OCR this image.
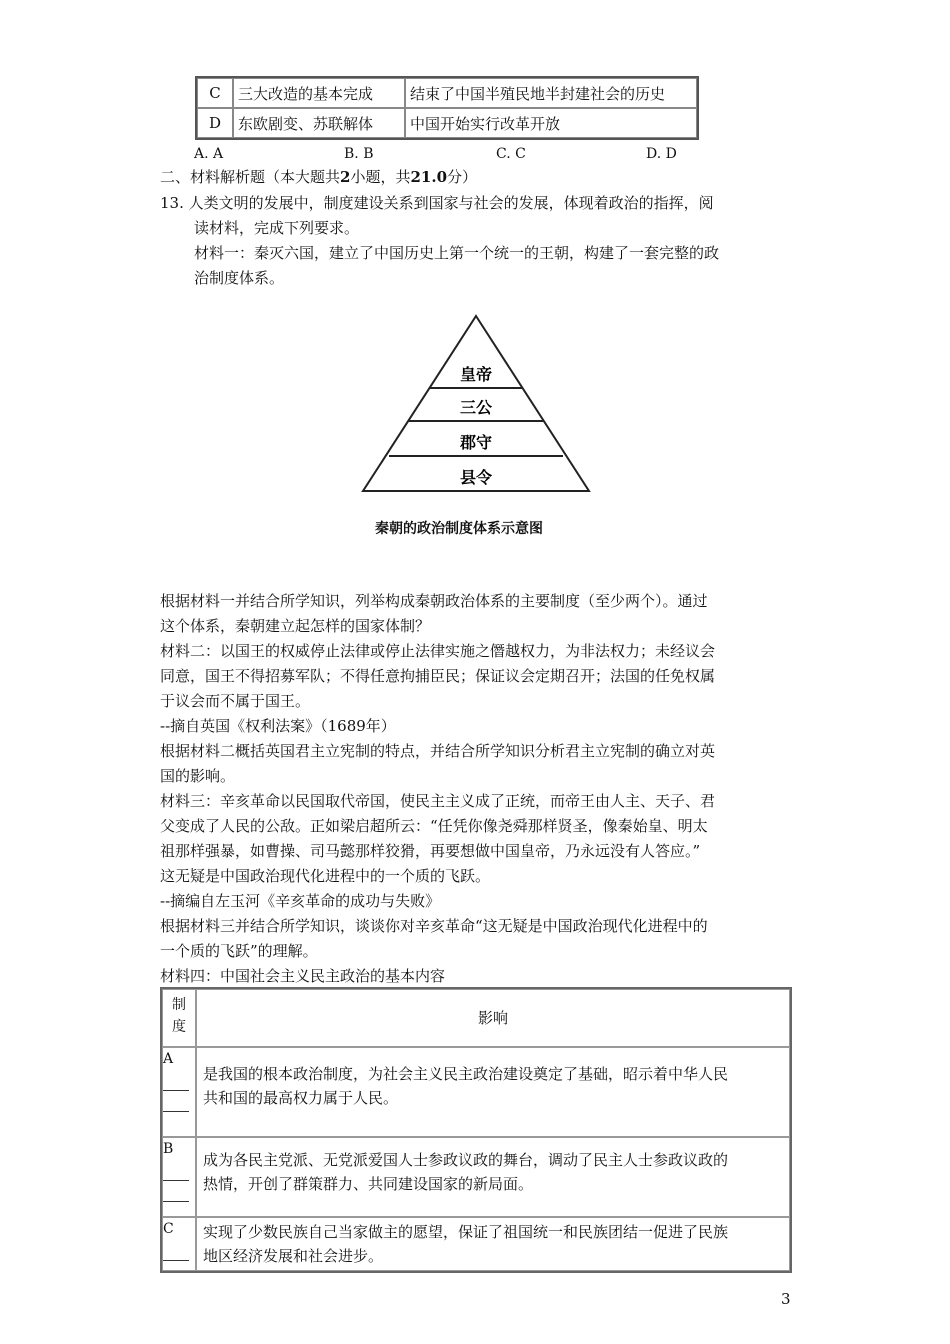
C	三大改造的基本完成	结束了中国半殖民地半封建社会的历史
D	东欧剧变、苏联解体	中国开始实行改革开放
A. A	B. B	C. C	D. D
二、材料解析题（本大题共2小题，共21.0分）
13. 人类文明的发展中，制度建设关系到国家与社会的发展，体现着政治的指挥，阅
读材料，完成下列要求。
材料一：秦灭六国，建立了中国历史上第一个统一的王朝，构建了一套完整的政
治制度体系。
皇帝
三公
郡守
县令
秦朝的政治制度体系示意图
根据材料一并结合所学知识，列举构成秦朝政治体系的主要制度（至少两个）。通过
这个体系，秦朝建立起怎样的国家体制？
材料二：以国王的权威停止法律或停止法律实施之僭越权力，为非法权力；未经议会
同意，国王不得招募军队；不得任意拘捕臣民；保证议会定期召开；法国的任免权属
于议会而不属于国王。
--摘自英国《权利法案》（1689年）
根据材料二概括英国君主立宪制的特点，并结合所学知识分析君主立宪制的确立对英
国的影响。
材料三：辛亥革命以民国取代帝国，使民主主义成了正统，而帝王由人主、天子、君
父变成了人民的公敌。正如梁启超所云：“任凭你像尧舜那样贤圣，像秦始皇、明太
祖那样强暴，如曹操、司马懿那样狡猾，再要想做中国皇帝，乃永远没有人答应。”
这无疑是中国政治现代化进程中的一个质的飞跃。
--摘编自左玉河《辛亥革命的成功与失败》
根据材料三并结合所学知识，谈谈你对辛亥革命“这无疑是中国政治现代化进程中的
一个质的飞跃”的理解。
材料四：中国社会主义民主政治的基本内容
制
度	影响
A	是我国的根本政治制度，为社会主义民主政治建设奠定了基础，昭示着中华人民
共和国的最高权力属于人民。

B	成为各民主党派、无党派爱国人士参政议政的舞台，调动了民主人士参政议政的
热情，开创了群策群力、共同建设国家的新局面。

C	实现了少数民族自己当家做主的愿望，保证了祖国统一和民族团结一促进了民族
地区经济发展和社会进步。
3
